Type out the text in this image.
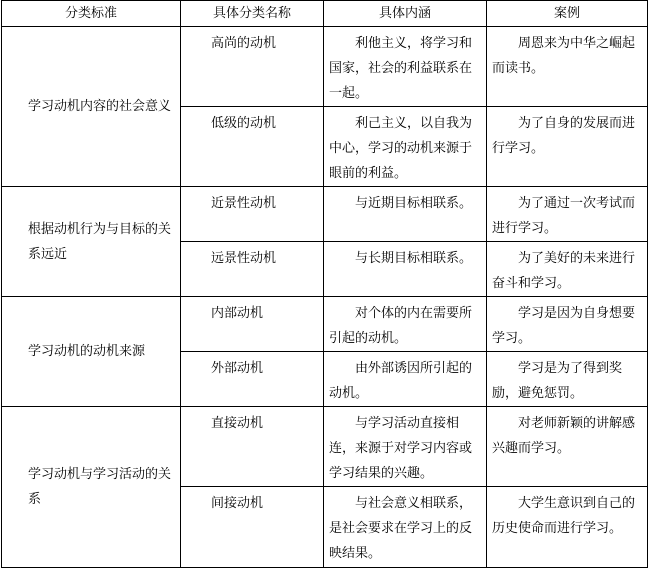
分类标准	具体分类名称	具体内涵	案例
学习动机内容的社会意义	高尚的动机	利他主义，将学习和国家，社会的利益联系在一起。	周恩来为中华之崛起而读书。
	低级的动机	利己主义，以自我为中心，学习的动机来源于眼前的利益。	为了自身的发展而进行学习。
根据动机行为与目标的关系远近	近景性动机	与近期目标相联系。	为了通过一次考试而进行学习。
	远景性动机	与长期目标相联系。	为了美好的未来进行奋斗和学习。
学习动机的动机来源	内部动机	对个体的内在需要所引起的动机。	学习是因为自身想要学习。
	外部动机	由外部诱因所引起的动机。	学习是为了得到奖励，避免惩罚。
学习动机与学习活动的关系	直接动机	与学习活动直接相连，来源于对学习内容或学习结果的兴趣。	对老师新颖的讲解感兴趣而学习。
	间接动机	与社会意义相联系，是社会要求在学习上的反映结果。	大学生意识到自己的历史使命而进行学习。
